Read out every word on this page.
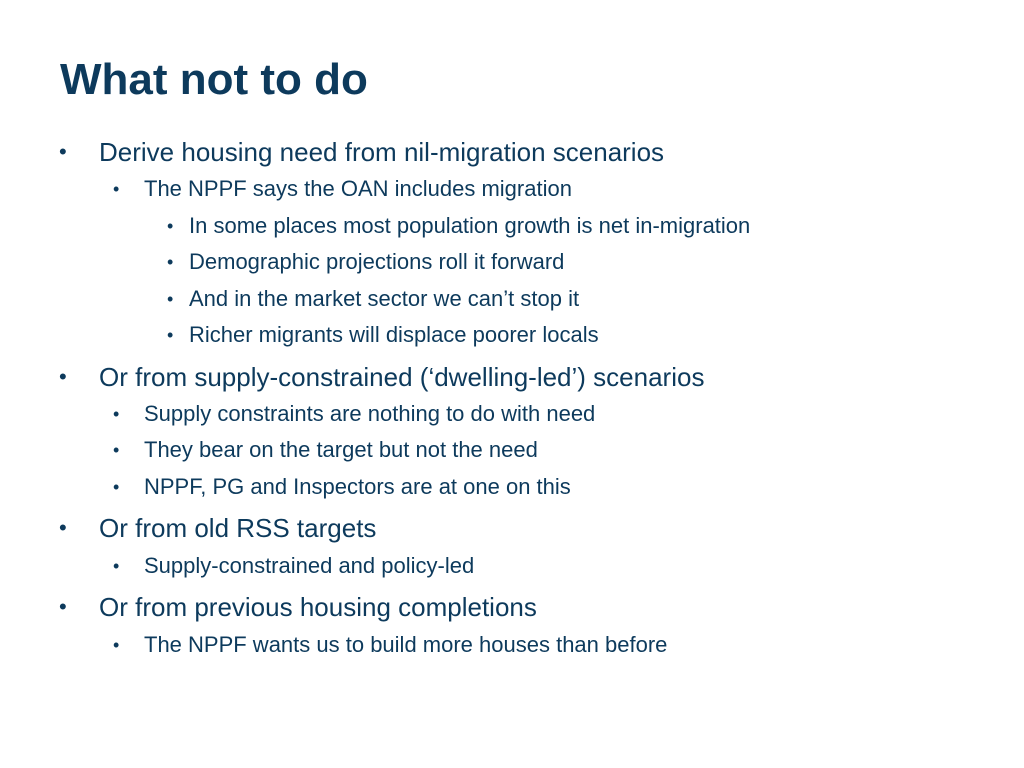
What not to do
• Derive housing need from nil-migration scenarios
• The NPPF says the OAN includes migration
• In some places most population growth is net in-migration
• Demographic projections roll it forward
• And in the market sector we can’t stop it
• Richer migrants will displace poorer locals
• Or from supply-constrained (‘dwelling-led’) scenarios
• Supply constraints are nothing to do with need
• They bear on the target but not the need
• NPPF, PG and Inspectors are at one on this
• Or from old RSS targets
• Supply-constrained and policy-led
• Or from previous housing completions
• The NPPF wants us to build more houses than before
